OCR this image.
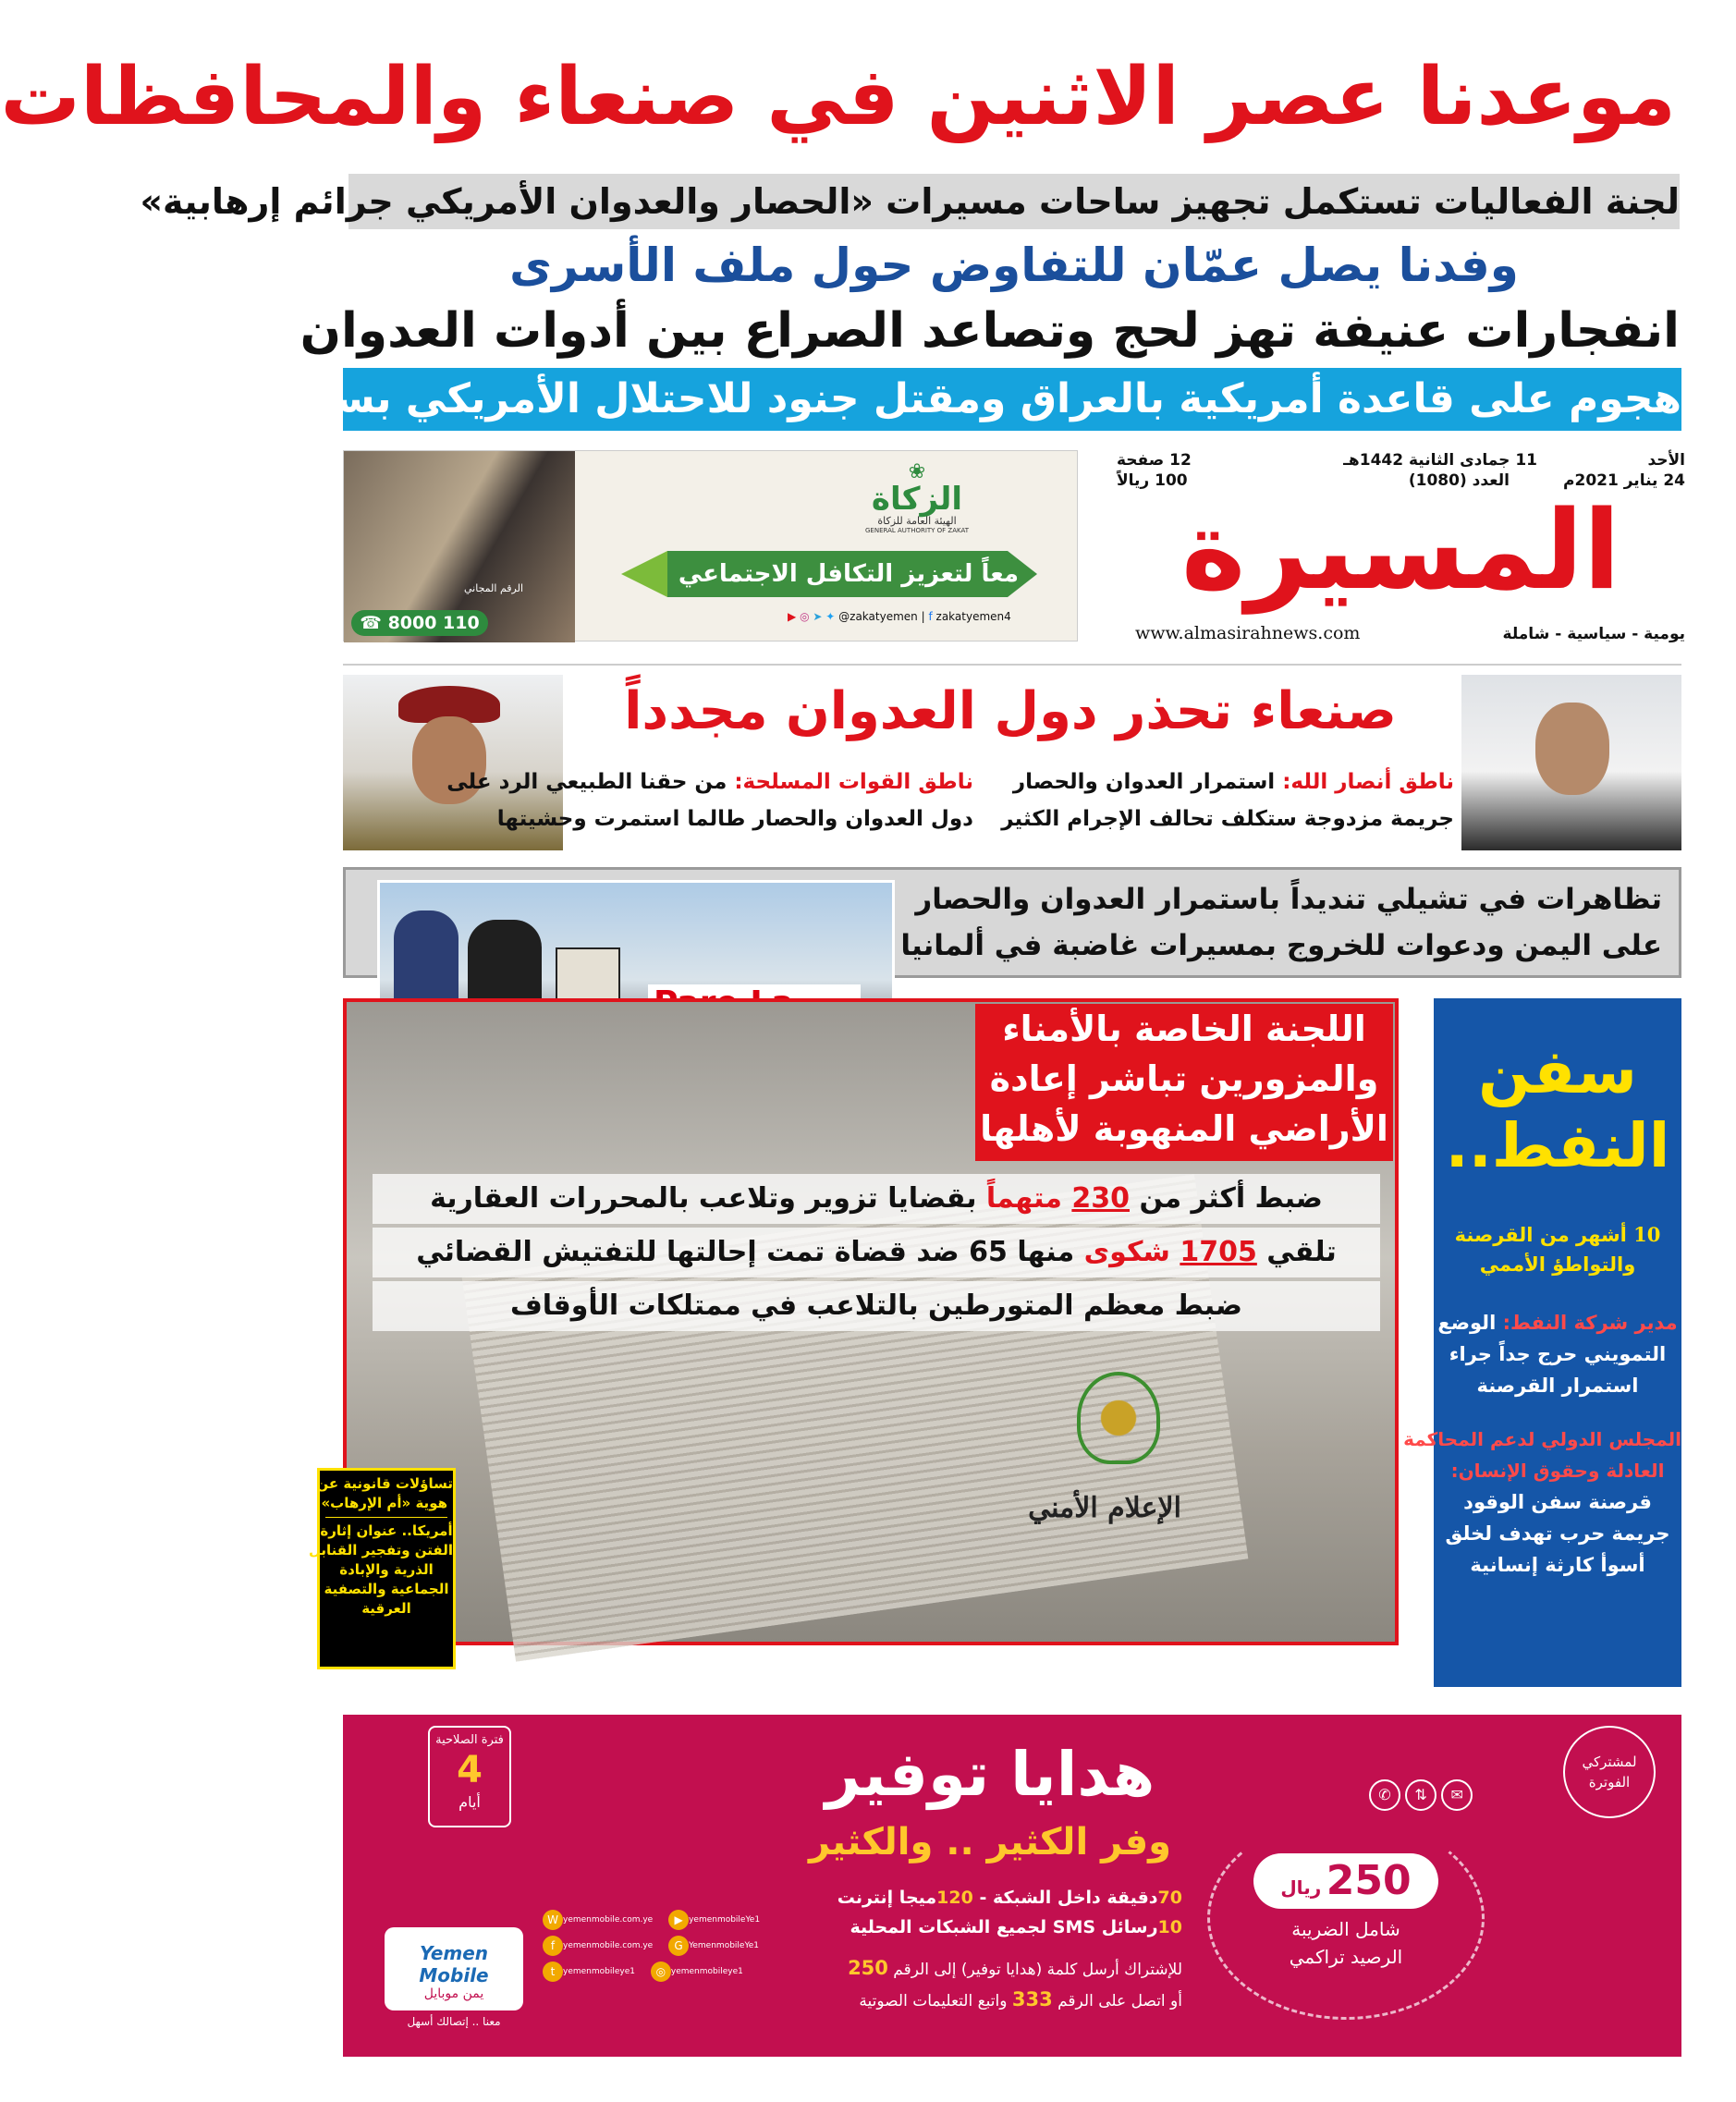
موعدنا عصر الاثنين في صنعاء والمحافظات
لجنة الفعاليات تستكمل تجهيز ساحات مسيرات «الحصار والعدوان الأمريكي جرائم إرهابية»
وفدنا يصل عمّان للتفاوض حول ملف الأسرى
انفجارات عنيفة تهز لحج وتصاعد الصراع بين أدوات العدوان
هجوم على قاعدة أمريكية بالعراق ومقتل جنود للاحتلال الأمريكي بسوريا
الأحد
24 يناير 2021م
11 جمادى الثانية 1442هـ
العدد (1080)
12 صفحة
100 ريالاً
المسيرة
يومية - سياسية - شاملة
www.almasirahnews.com
الرقم المجاني
☎ 8000 110
❀
الزكاة
الهيئة العامة للزكاة
GENERAL AUTHORITY OF ZAKAT
معاً لتعزيز التكافل الاجتماعي
▶ ◎ ➤ ✦ @zakatyemen | f zakatyemen4
صنعاء تحذر دول العدوان مجدداً
ناطق أنصار الله: استمرار العدوان والحصار
جريمة مزدوجة ستكلف تحالف الإجرام الكثير
ناطق القوات المسلحة: من حقنا الطبيعي الرد على
دول العدوان والحصار طالما استمرت وحشيتها
تظاهرات في تشيلي تنديداً باستمرار العدوان والحصار
على اليمن ودعوات للخروج بمسيرات غاضبة في ألمانيا
الإعلام الأمني
اللجنة الخاصة بالأمناء
والمزورين تباشر إعادة
الأراضي المنهوبة لأهلها
ضبط أكثر من 230 متهماً بقضايا تزوير وتلاعب بالمحررات العقارية
تلقي 1705 شكوى منها 65 ضد قضاة تمت إحالتها للتفتيش القضائي
ضبط معظم المتورطين بالتلاعب في ممتلكات الأوقاف
تساؤلات قانونية عن
هوية «أم الإرهاب»
أمريكا.. عنوان إثارة
الفتن وتفجير القنابل
الذرية والإبادة
الجماعية والتصفية
العرقية
سفن
النفط..
10 أشهر من القرصنة
والتواطؤ الأممي
مدير شركة النفط: الوضع
التمويني حرج جداً جراء
استمرار القرصنة
المجلس الدولي لدعم المحاكمة
العادلة وحقوق الإنسان:
قرصنة سفن الوقود
جريمة حرب تهدف لخلق
أسوأ كارثة إنسانية
فترة الصلاحية
4
أيام
لمشتركي
الفوترة
هدايا توفير
وفر الكثير .. والكثير
70دقيقة داخل الشبكة - 120ميجا إنترنت
10رسائل SMS لجميع الشبكات المحلية
للإشتراك أرسل كلمة (هدايا توفير) إلى الرقم 250
أو اتصل على الرقم 333 واتبع التعليمات الصوتية
✆ ⇅ ✉
250 ريال
شامل الضريبة
الرصيد تراكمي
W yemenmobile.com.ye ▶ yemenmobileYe1
f yemenmobile.com.ye G YemenmobileYe1
t yemenmobileye1 ◎ yemenmobileye1
Yemen Mobile
يمن موبايل
معنا .. إتصالك أسهل
